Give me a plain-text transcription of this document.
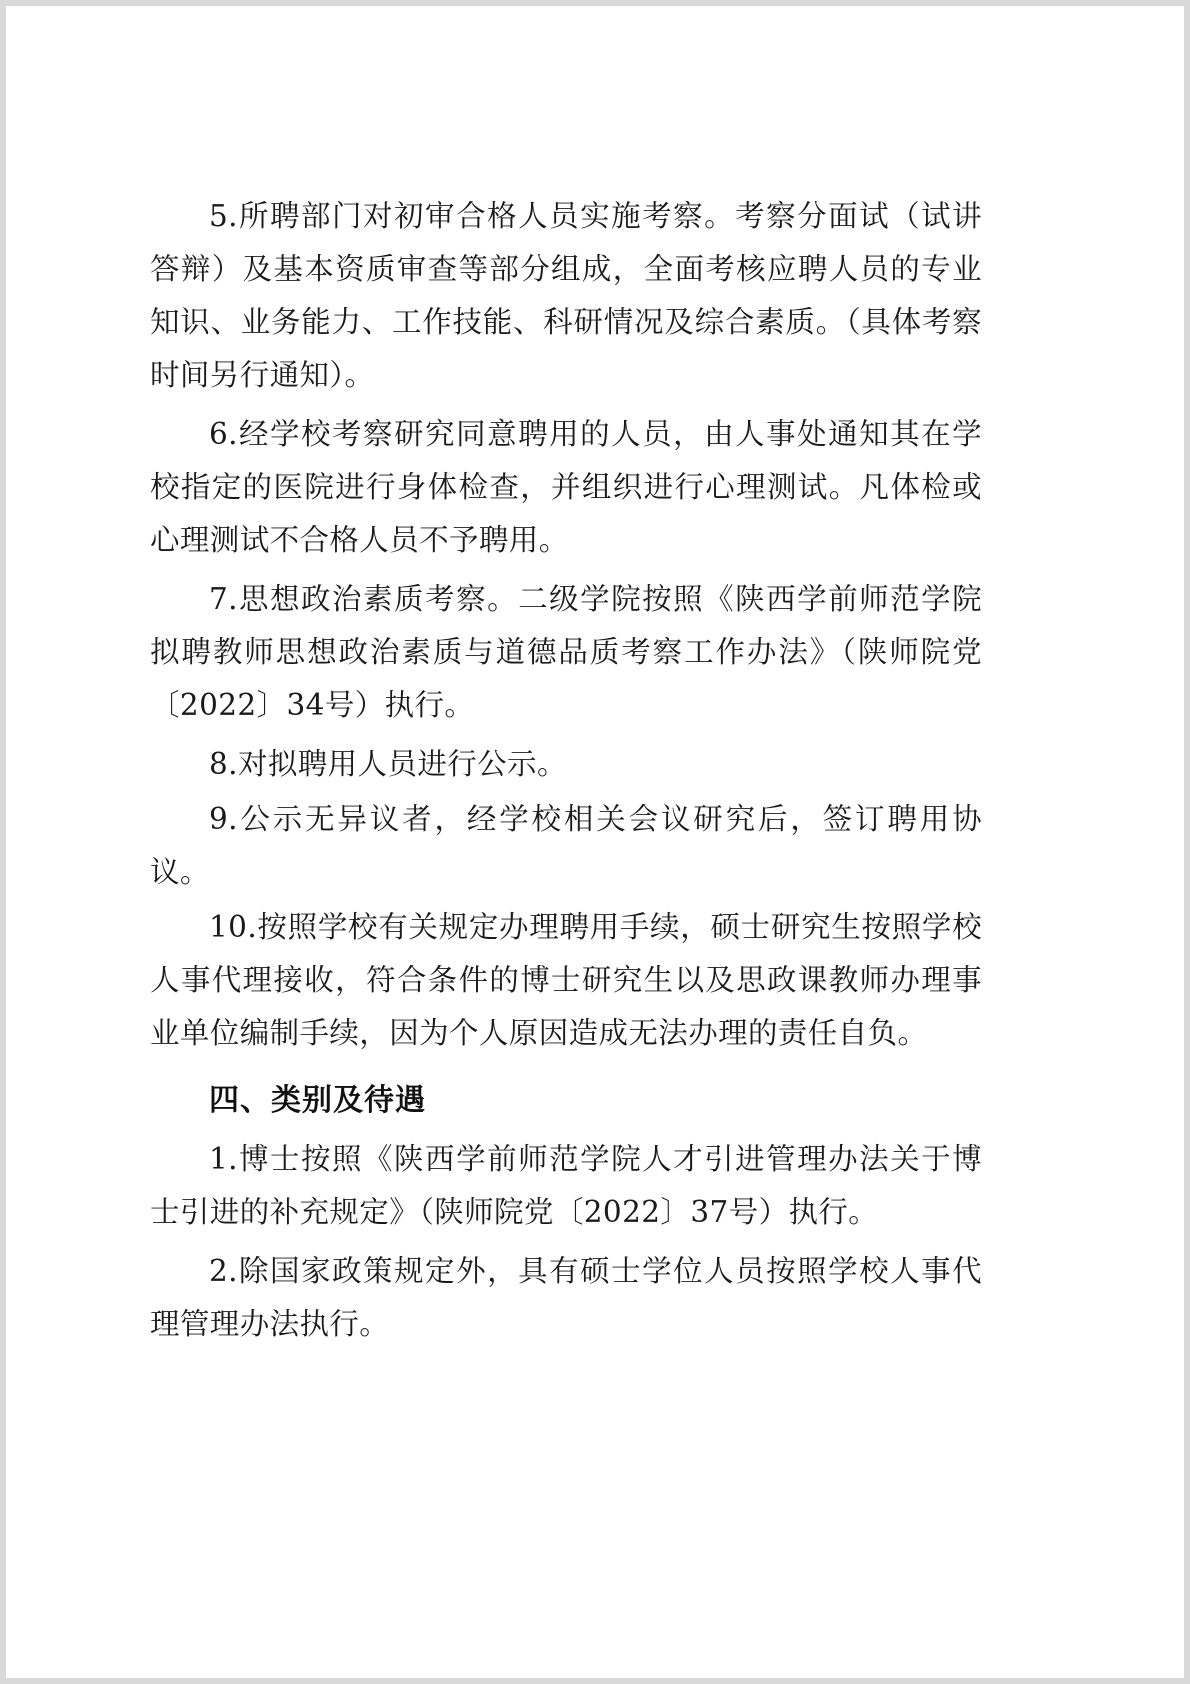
5.所聘部门对初审合格人员实施考察。考察分面试（试讲答辩）及基本资质审查等部分组成，全面考核应聘人员的专业知识、业务能力、工作技能、科研情况及综合素质。（具体考察时间另行通知）。

6.经学校考察研究同意聘用的人员，由人事处通知其在学校指定的医院进行身体检查，并组织进行心理测试。凡体检或心理测试不合格人员不予聘用。

7.思想政治素质考察。二级学院按照《陕西学前师范学院拟聘教师思想政治素质与道德品质考察工作办法》（陕师院党〔2022〕34号）执行。

8.对拟聘用人员进行公示。

9.公示无异议者，经学校相关会议研究后，签订聘用协议。

10.按照学校有关规定办理聘用手续，硕士研究生按照学校人事代理接收，符合条件的博士研究生以及思政课教师办理事业单位编制手续，因为个人原因造成无法办理的责任自负。

四、类别及待遇

1.博士按照《陕西学前师范学院人才引进管理办法关于博士引进的补充规定》（陕师院党〔2022〕37号）执行。

2.除国家政策规定外，具有硕士学位人员按照学校人事代理管理办法执行。
